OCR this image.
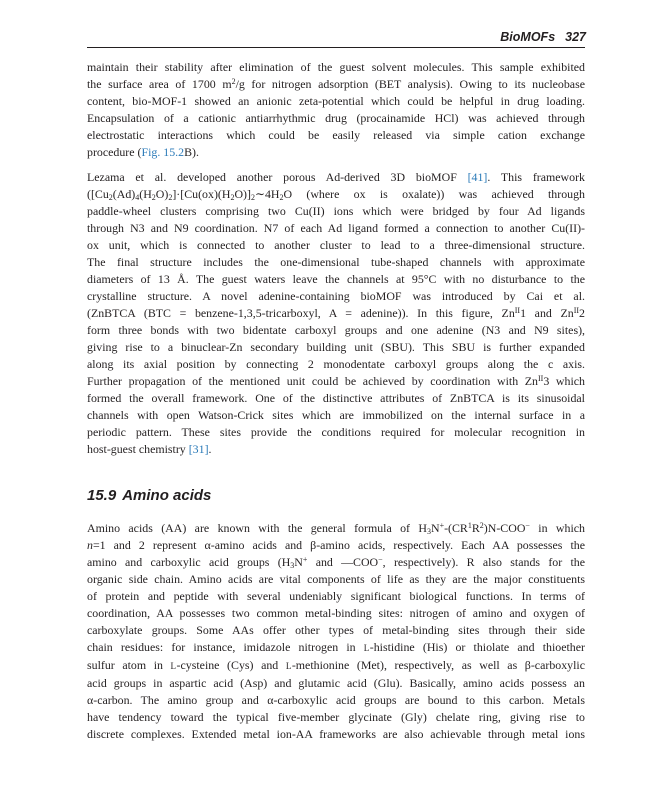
BioMOFs 327
maintain their stability after elimination of the guest solvent molecules. This sample exhibited
the surface area of 1700 $m^2/g$ for nitrogen adsorption (BET analysis). Owing to its nucleobase
content, bio-MOF-1 showed an anionic zeta-potential which could be helpful in drug loading.
Encapsulation of a cationic antiarrhythmic drug (procainamide HCl) was achieved through
electrostatic interactions which could be easily released via simple cation exchange
procedure (Fig. 15.2B).
Lezama et al. developed another porous Ad-derived 3D bioMOF [41]. This framework
($[Cu_2(Ad)_4(H_2O)_2]\cdot[Cu(ox)(H_2O)]_2\sim 4H_2O$ (where ox is oxalate)) was achieved through
paddle-wheel clusters comprising two Cu(II) ions which were bridged by four Ad ligands
through N3 and N9 coordination. N7 of each Ad ligand formed a connection to another Cu(II)-
ox unit, which is connected to another cluster to lead to a three-dimensional structure.
The final structure includes the one-dimensional tube-shaped channels with approximate
diameters of 13 Å. The guest waters leave the channels at 95°C with no disturbance to the
crystalline structure. A novel adenine-containing bioMOF was introduced by Cai et al.
(ZnBTCA (BTC = benzene-1,3,5-tricarboxyl, A = adenine)). In this figure, $Zn^{II}1$ and $Zn^{II}2$
form three bonds with two bidentate carboxyl groups and one adenine (N3 and N9 sites),
giving rise to a binuclear-Zn secondary building unit (SBU). This SBU is further expanded
along its axial position by connecting 2 monodentate carboxyl groups along the c axis.
Further propagation of the mentioned unit could be achieved by coordination with $Zn^{II}3$ which
formed the overall framework. One of the distinctive attributes of ZnBTCA is its sinusoidal
channels with open Watson-Crick sites which are immobilized on the internal surface in a
periodic pattern. These sites provide the conditions required for molecular recognition in
host-guest chemistry [31].
15.9 Amino acids
Amino acids (AA) are known with the general formula of $H_3N^+-(CR^1R^2)N-COO^-$ in which
n=1 and 2 represent α-amino acids and β-amino acids, respectively. Each AA possesses the
amino and carboxylic acid groups ($H_3N^+$ and —COO−, respectively). R also stands for the
organic side chain. Amino acids are vital components of life as they are the major constituents
of protein and peptide with several undeniably significant biological functions. In terms of
coordination, AA possesses two common metal-binding sites: nitrogen of amino and oxygen of
carboxylate groups. Some AAs offer other types of metal-binding sites through their side
chain residues: for instance, imidazole nitrogen in L-histidine (His) or thiolate and thioether
sulfur atom in L-cysteine (Cys) and L-methionine (Met), respectively, as well as β-carboxylic
acid groups in aspartic acid (Asp) and glutamic acid (Glu). Basically, amino acids possess an
α-carbon. The amino group and α-carboxylic acid groups are bound to this carbon. Metals
have tendency toward the typical five-member glycinate (Gly) chelate ring, giving rise to
discrete complexes. Extended metal ion-AA frameworks are also achievable through metal ions
